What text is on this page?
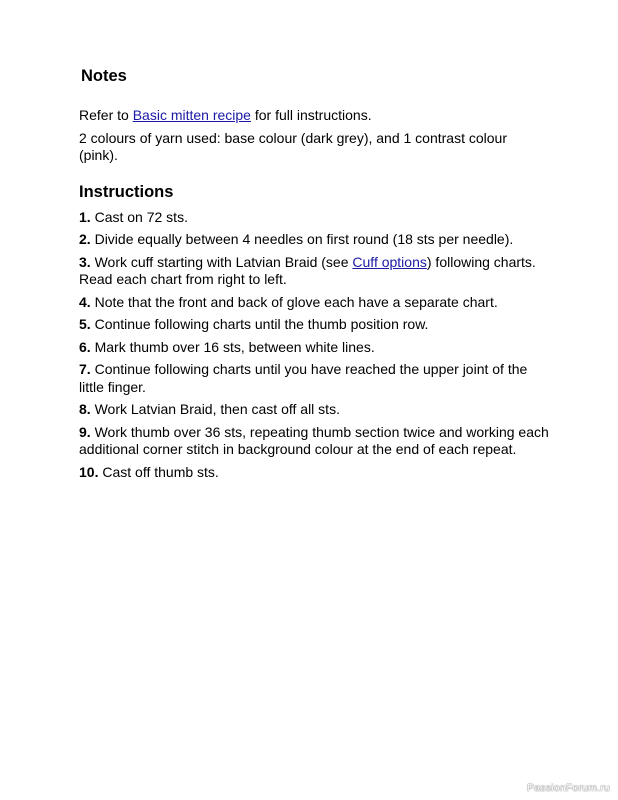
Notes

Refer to Basic mitten recipe for full instructions.

2 colours of yarn used: base colour (dark grey), and 1 contrast colour (pink).

Instructions
1. Cast on 72 sts.
2. Divide equally between 4 needles on first round (18 sts per needle).
3. Work cuff starting with Latvian Braid (see Cuff options) following charts. Read each chart from right to left.
4. Note that the front and back of glove each have a separate chart.
5. Continue following charts until the thumb position row.
6. Mark thumb over 16 sts, between white lines.
7. Continue following charts until you have reached the upper joint of the little finger.
8. Work Latvian Braid, then cast off all sts.
9. Work thumb over 36 sts, repeating thumb section twice and working each additional corner stitch in background colour at the end of each repeat.
10. Cast off thumb sts.
PassionForum.ru
